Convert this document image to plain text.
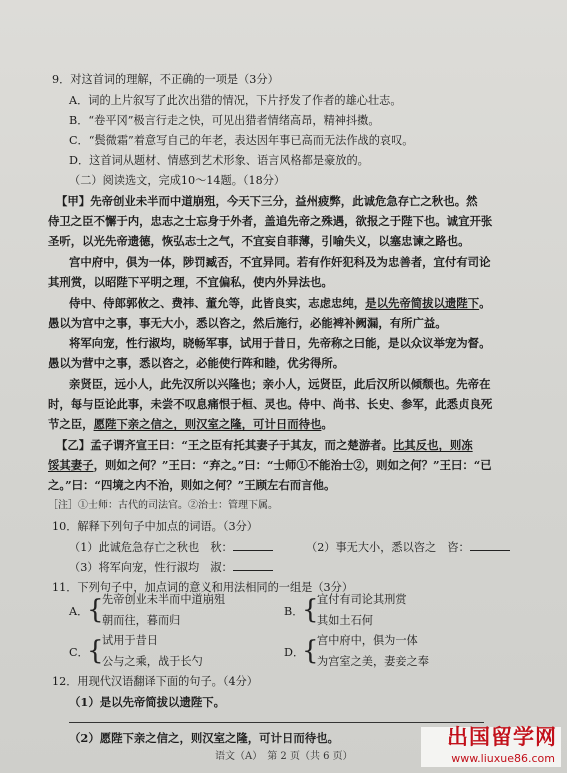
9．对这首词的理解，不正确的一项是（3分）
A．词的上片叙写了此次出猎的情况，下片抒发了作者的雄心壮志。
B．“卷平冈”极言行走之快，可见出猎者情绪高昂，精神抖擞。
C．“鬓微霜”着意写自己的年老，表达因年事已高而无法作战的哀叹。
D．这首词从题材、情感到艺术形象、语言风格都是豪放的。
（二）阅读选文，完成10～14题。（18分）
【甲】先帝创业未半而中道崩殂，今天下三分，益州疲弊，此诚危急存亡之秋也。然
侍卫之臣不懈于内，忠志之士忘身于外者，盖追先帝之殊遇，欲报之于陛下也。诚宜开张
圣听，以光先帝遗德，恢弘志士之气，不宜妄自菲薄，引喻失义，以塞忠谏之路也。
宫中府中，俱为一体，陟罚臧否，不宜异同。若有作奸犯科及为忠善者，宜付有司论
其刑赏，以昭陛下平明之理，不宜偏私，使内外异法也。
侍中、侍郎郭攸之、费祎、董允等，此皆良实，志虑忠纯，是以先帝简拔以遗陛下。
愚以为宫中之事，事无大小，悉以咨之，然后施行，必能裨补阙漏，有所广益。
将军向宠，性行淑均，晓畅军事，试用于昔日，先帝称之曰能，是以众议举宠为督。
愚以为营中之事，悉以咨之，必能使行阵和睦，优劣得所。
亲贤臣，远小人，此先汉所以兴隆也；亲小人，远贤臣，此后汉所以倾颓也。先帝在
时，每与臣论此事，未尝不叹息痛恨于桓、灵也。侍中、尚书、长史、参军，此悉贞良死
节之臣，愿陛下亲之信之，则汉室之隆，可计日而待也。
【乙】孟子谓齐宣王曰：“王之臣有托其妻子于其友，而之楚游者。比其反也，则冻
馁其妻子，则如之何？”王曰：“弃之。”曰：“士师①不能治士②，则如之何？”王曰：“已
之。”曰：“四境之内不治，则如之何？”王顾左右而言他。
［注］①士师：古代的司法官。②治士：管理下属。
10．解释下列句子中加点的词语。（3分）
（1）此诚危急存亡之秋也　秋：	（2）事无大小，悉以咨之　咨：
（3）将军向宠，性行淑均　淑：
11．下列句子中，加点词的意义和用法相同的一组是（3分）
A．
{
先帝创业未半而中道崩殂
朝而往，暮而归
B．
{
宜付有司论其刑赏
其如土石何
C．
{
试用于昔日
公与之乘，战于长勺
D．
{
宫中府中，俱为一体
为宫室之美，妻妾之奉
12．用现代汉语翻译下面的句子。（4分）
（1）是以先帝简拔以遗陛下。
（2）愿陛下亲之信之，则汉室之隆，可计日而待也。
语文（A）　第 2 页（共 6 页）
出国留学网
www.liuxue86.com
